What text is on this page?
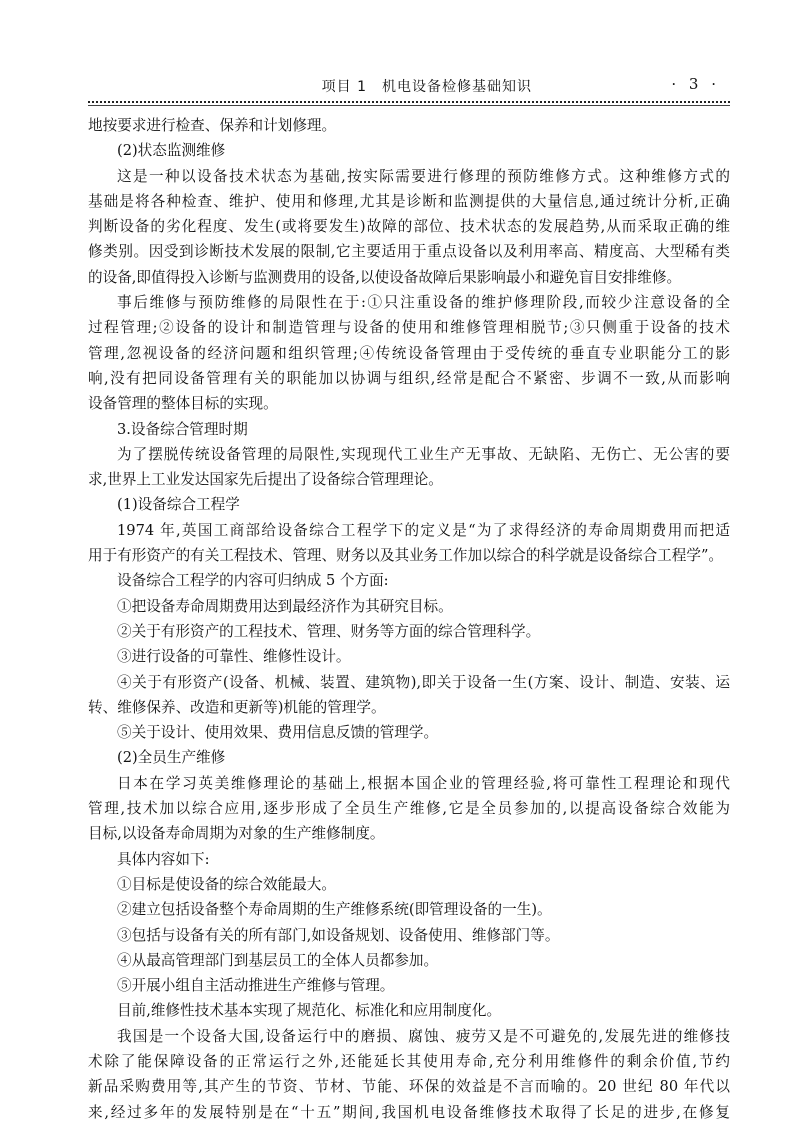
项目 1　机电设备检修基础知识	· 3 ·
地按要求进行检查、保养和计划修理。
(2)状态监测维修
这是一种以设备技术状态为基础,按实际需要进行修理的预防维修方式。这种维修方式的
基础是将各种检查、维护、使用和修理,尤其是诊断和监测提供的大量信息,通过统计分析,正确
判断设备的劣化程度、发生(或将要发生)故障的部位、技术状态的发展趋势,从而采取正确的维
修类别。因受到诊断技术发展的限制,它主要适用于重点设备以及利用率高、精度高、大型稀有类
的设备,即值得投入诊断与监测费用的设备,以使设备故障后果影响最小和避免盲目安排维修。
事后维修与预防维修的局限性在于:①只注重设备的维护修理阶段,而较少注意设备的全
过程管理;②设备的设计和制造管理与设备的使用和维修管理相脱节;③只侧重于设备的技术
管理,忽视设备的经济问题和组织管理;④传统设备管理由于受传统的垂直专业职能分工的影
响,没有把同设备管理有关的职能加以协调与组织,经常是配合不紧密、步调不一致,从而影响
设备管理的整体目标的实现。
3.设备综合管理时期
为了摆脱传统设备管理的局限性,实现现代工业生产无事故、无缺陷、无伤亡、无公害的要
求,世界上工业发达国家先后提出了设备综合管理理论。
(1)设备综合工程学
1974 年,英国工商部给设备综合工程学下的定义是“为了求得经济的寿命周期费用而把适
用于有形资产的有关工程技术、管理、财务以及其业务工作加以综合的科学就是设备综合工程学”。
设备综合工程学的内容可归纳成 5 个方面:
①把设备寿命周期费用达到最经济作为其研究目标。
②关于有形资产的工程技术、管理、财务等方面的综合管理科学。
③进行设备的可靠性、维修性设计。
④关于有形资产(设备、机械、装置、建筑物),即关于设备一生(方案、设计、制造、安装、运
转、维修保养、改造和更新等)机能的管理学。
⑤关于设计、使用效果、费用信息反馈的管理学。
(2)全员生产维修
日本在学习英美维修理论的基础上,根据本国企业的管理经验,将可靠性工程理论和现代
管理,技术加以综合应用,逐步形成了全员生产维修,它是全员参加的,以提高设备综合效能为
目标,以设备寿命周期为对象的生产维修制度。
具体内容如下:
①目标是使设备的综合效能最大。
②建立包括设备整个寿命周期的生产维修系统(即管理设备的一生)。
③包括与设备有关的所有部门,如设备规划、设备使用、维修部门等。
④从最高管理部门到基层员工的全体人员都参加。
⑤开展小组自主活动推进生产维修与管理。
目前,维修性技术基本实现了规范化、标准化和应用制度化。
我国是一个设备大国,设备运行中的磨损、腐蚀、疲劳又是不可避免的,发展先进的维修技
术除了能保障设备的正常运行之外,还能延长其使用寿命,充分利用维修件的剩余价值,节约
新品采购费用等,其产生的节资、节材、节能、环保的效益是不言而喻的。20 世纪 80 年代以
来,经过多年的发展特别是在“十五”期间,我国机电设备维修技术取得了长足的进步,在修复
